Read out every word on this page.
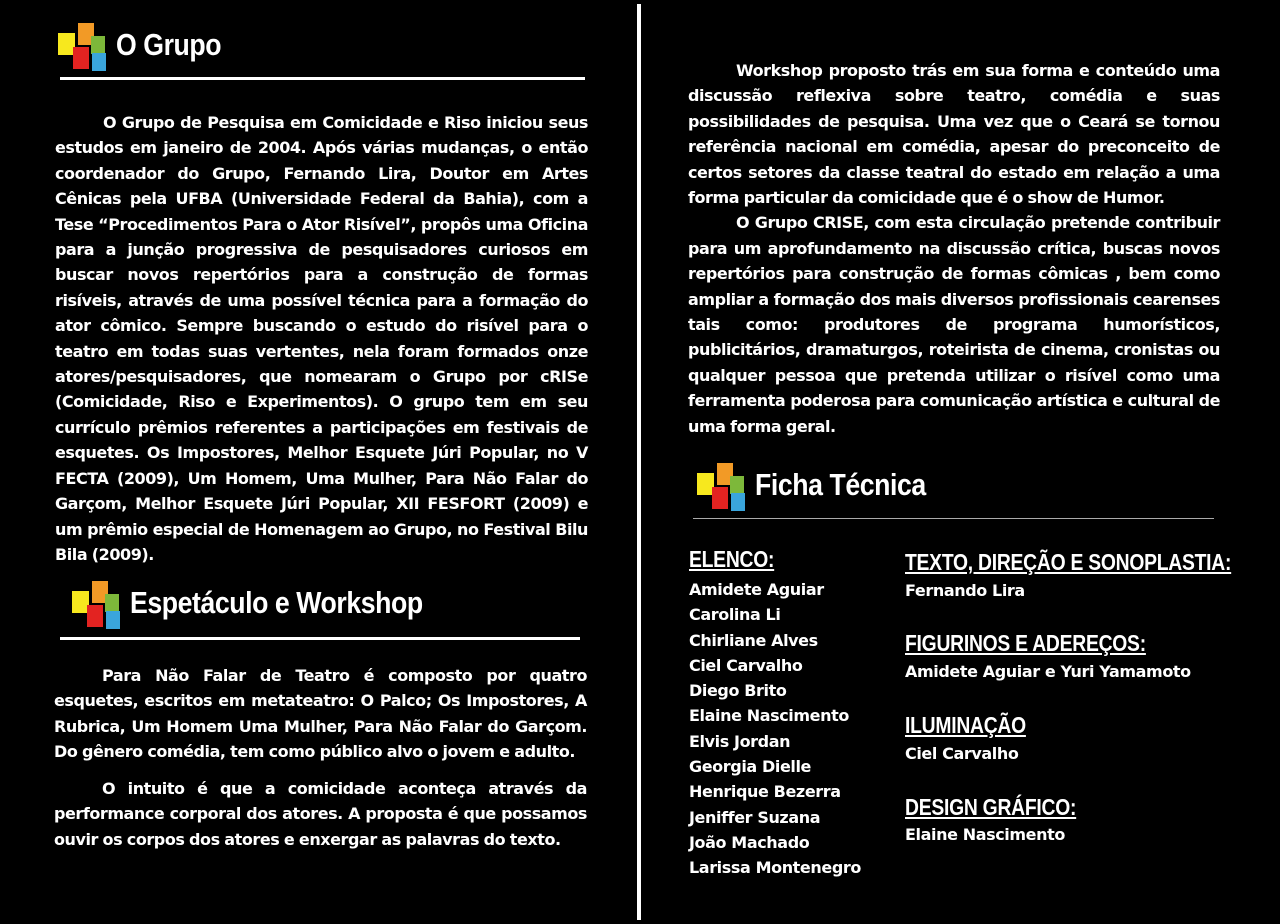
O Grupo

O Grupo de Pesquisa em Comicidade e Riso iniciou seus estudos em janeiro de 2004. Após várias mudanças, o então coordenador do Grupo, Fernando Lira, Doutor em Artes Cênicas pela UFBA (Universidade Federal da Bahia), com a Tese “Procedimentos Para o Ator Risível”, propôs uma Oficina para a junção progressiva de pesquisadores curiosos em buscar novos repertórios para a construção de formas risíveis, através de uma possível técnica para a formação do ator cômico. Sempre buscando o estudo do risível para o teatro em todas suas vertentes, nela foram formados onze atores/pesquisadores, que nomearam o Grupo por cRISe (Comicidade, Riso e Experimentos). O grupo tem em seu currículo prêmios referentes a participações em festivais de esquetes. Os Impostores, Melhor Esquete Júri Popular, no V FECTA (2009), Um Homem, Uma Mulher, Para Não Falar do Garçom, Melhor Esquete Júri Popular, XII FESFORT (2009) e um prêmio especial de Homenagem ao Grupo, no Festival Bilu Bila (2009).

Espetáculo e Workshop

Para Não Falar de Teatro é composto por quatro esquetes, escritos em metateatro: O Palco; Os Impostores, A Rubrica, Um Homem Uma Mulher, Para Não Falar do Garçom. Do gênero comédia, tem como público alvo o jovem e adulto.

O intuito é que a comicidade aconteça através da performance corporal dos atores. A proposta é que possamos ouvir os corpos dos atores e enxergar as palavras do texto.

Workshop proposto trás em sua forma e conteúdo uma discussão reflexiva sobre teatro, comédia e suas possibilidades de pesquisa. Uma vez que o Ceará se tornou referência nacional em comédia, apesar do preconceito de certos setores da classe teatral do estado em relação a uma forma particular da comicidade que é o show de Humor.

O Grupo CRISE, com esta circulação pretende contribuir para um aprofundamento na discussão crítica, buscas novos repertórios para construção de formas cômicas , bem como ampliar a formação dos mais diversos profissionais cearenses tais como: produtores de programa humorísticos, publicitários, dramaturgos, roteirista de cinema, cronistas ou qualquer pessoa que pretenda utilizar o risível como uma ferramenta poderosa para comunicação artística e cultural de uma forma geral.

Ficha Técnica
ELENCO:
Amidete Aguiar
Carolina Li
Chirliane Alves
Ciel Carvalho
Diego Brito
Elaine Nascimento
Elvis Jordan
Georgia Dielle
Henrique Bezerra
Jeniffer Suzana
João Machado
Larissa Montenegro
TEXTO, DIREÇÃO E SONOPLASTIA:
Fernando Lira
FIGURINOS E ADEREÇOS:
Amidete Aguiar e Yuri Yamamoto
ILUMINAÇÃO
Ciel Carvalho
DESIGN GRÁFICO:
Elaine Nascimento
